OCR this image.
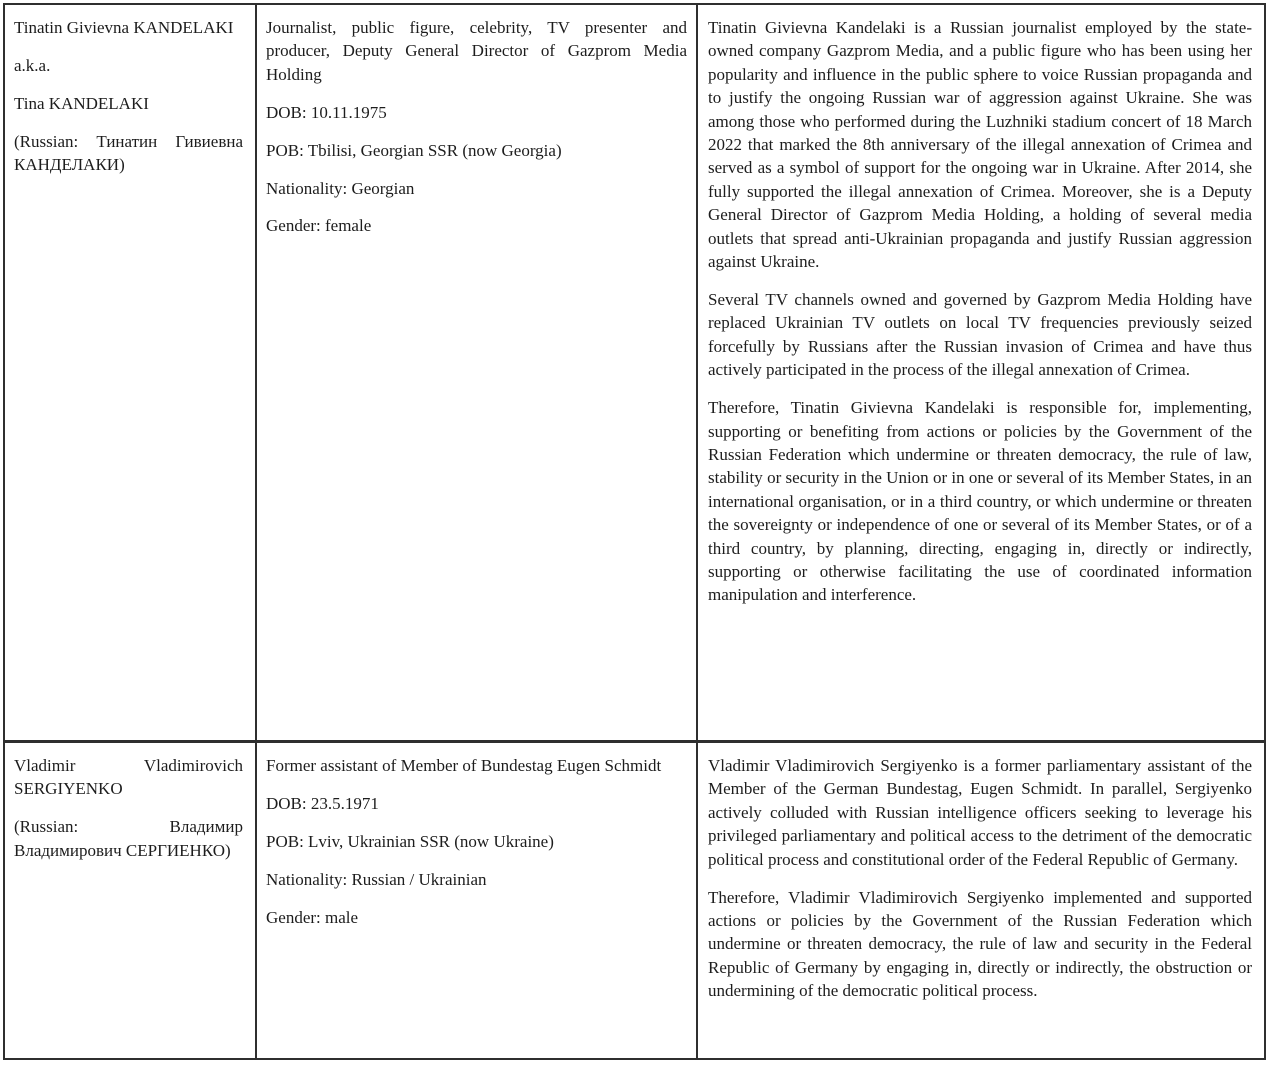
Tinatin Givievna KANDELAKI

a.k.a.

Tina KANDELAKI

(Russian: Тинатин Гивиевна КАНДЕЛАКИ)

Journalist, public figure, celebrity, TV presenter and producer, Deputy General Director of Gazprom Media Holding

DOB: 10.11.1975

POB: Tbilisi, Georgian SSR (now Georgia)

Nationality: Georgian

Gender: female

Tinatin Givievna Kandelaki is a Russian journalist employed by the state-owned company Gazprom Media, and a public figure who has been using her popularity and influence in the public sphere to voice Russian propaganda and to justify the ongoing Russian war of aggression against Ukraine. She was among those who performed during the Luzhniki stadium concert of 18 March 2022 that marked the 8th anniversary of the illegal annexation of Crimea and served as a symbol of support for the ongoing war in Ukraine. After 2014, she fully supported the illegal annexation of Crimea. Moreover, she is a Deputy General Director of Gazprom Media Holding, a holding of several media outlets that spread anti-Ukrainian propaganda and justify Russian aggression against Ukraine.

Several TV channels owned and governed by Gazprom Media Holding have replaced Ukrainian TV outlets on local TV frequencies previously seized forcefully by Russians after the Russian invasion of Crimea and have thus actively participated in the process of the illegal annexation of Crimea.

Therefore, Tinatin Givievna Kandelaki is responsible for, implementing, supporting or benefiting from actions or policies by the Government of the Russian Federation which undermine or threaten democracy, the rule of law, stability or security in the Union or in one or several of its Member States, in an international organisation, or in a third country, or which undermine or threaten the sovereignty or independence of one or several of its Member States, or of a third country, by planning, directing, engaging in, directly or indirectly, supporting or otherwise facilitating the use of coordinated information manipulation and interference.

Vladimir Vladimirovich SERGIYENKO

(Russian: Владимир Владимирович СЕРГИЕНКО)

Former assistant of Member of Bundestag Eugen Schmidt

DOB: 23.5.1971

POB: Lviv, Ukrainian SSR (now Ukraine)

Nationality: Russian / Ukrainian

Gender: male

Vladimir Vladimirovich Sergiyenko is a former parliamentary assistant of the Member of the German Bundestag, Eugen Schmidt. In parallel, Sergiyenko actively colluded with Russian intelligence officers seeking to leverage his privileged parliamentary and political access to the detriment of the democratic political process and constitutional order of the Federal Republic of Germany.

Therefore, Vladimir Vladimirovich Sergiyenko implemented and supported actions or policies by the Government of the Russian Federation which undermine or threaten democracy, the rule of law and security in the Federal Republic of Germany by engaging in, directly or indirectly, the obstruction or undermining of the democratic political process.
